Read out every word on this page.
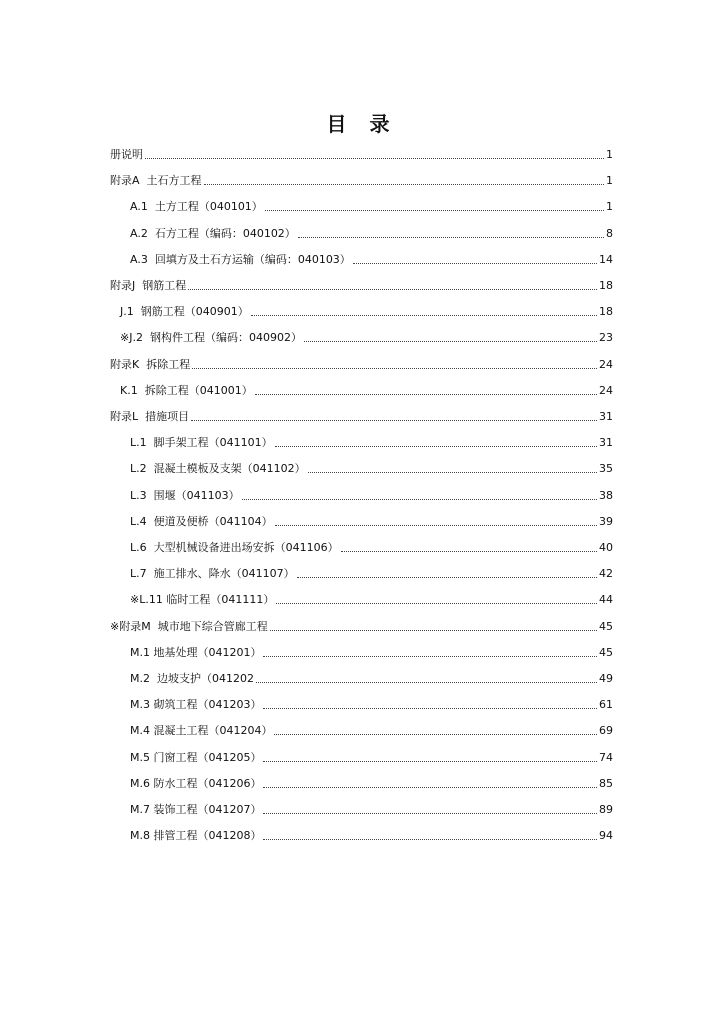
目 录
册说明	1
附录A  土石方工程	1
A.1  土方工程（040101）	1
A.2  石方工程（编码：040102）	8
A.3  回填方及土石方运输（编码：040103）	14
附录J  钢筋工程	18
J.1  钢筋工程（040901）	18
※J.2  钢构件工程（编码：040902）	23
附录K  拆除工程	24
K.1  拆除工程（041001）	24
附录L  措施项目	31
L.1  脚手架工程（041101）	31
L.2  混凝土模板及支架（041102）	35
L.3  围堰（041103）	38
L.4  便道及便桥（041104）	39
L.6  大型机械设备进出场安拆（041106）	40
L.7  施工排水、降水（041107）	42
※L.11 临时工程（041111）	44
※附录M  城市地下综合管廊工程	45
M.1 地基处理（041201）	45
M.2  边坡支护（041202	49
M.3 砌筑工程（041203）	61
M.4 混凝土工程（041204）	69
M.5 门窗工程（041205）	74
M.6 防水工程（041206）	85
M.7 装饰工程（041207）	89
M.8 排管工程（041208）	94
